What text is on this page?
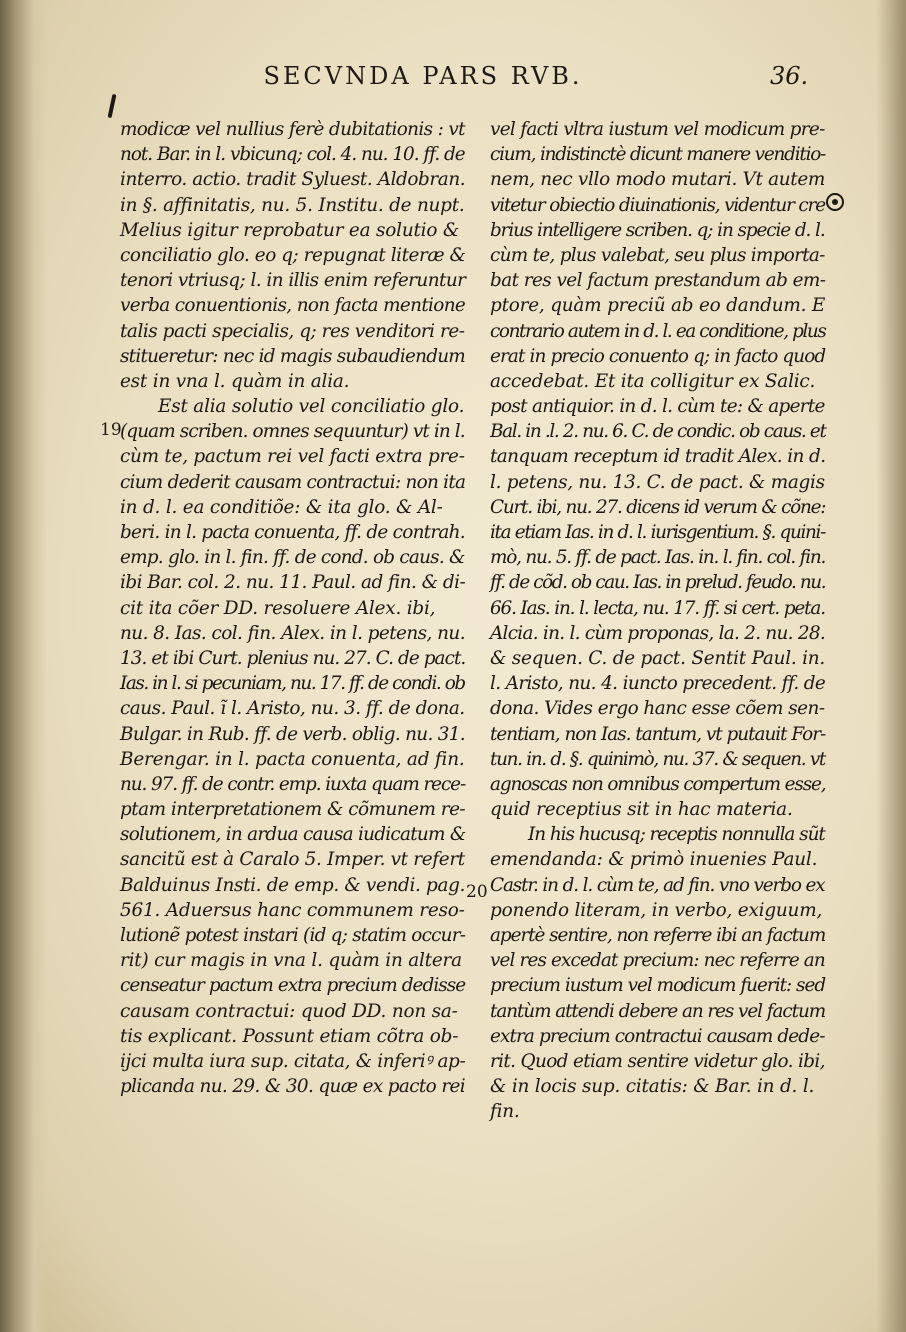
SECVNDA PARS RVB.	36.
19
20
modicæ vel nullius ferè dubitationis : vt
not. Bar. in l. vbicunq; col. 4. nu. 10. ff. de
interro. actio. tradit Syluest. Aldobran.
in §. affinitatis, nu. 5. Institu. de nupt.
Melius igitur reprobatur ea solutio &
conciliatio glo. eo q; repugnat literæ &
tenori vtriusq; l. in illis enim referuntur
verba conuentionis, non facta mentione
talis pacti specialis, q; res venditori re-
stitueretur: nec id magis subaudiendum
est in vna l. quàm in alia.
Est alia solutio vel conciliatio glo.
(quam scriben. omnes sequuntur) vt in l.
cùm te, pactum rei vel facti extra pre-
cium dederit causam contractui: non ita
in d. l. ea conditiõe: & ita glo. & Al-
beri. in l. pacta conuenta, ff. de contrah.
emp. glo. in l. fin. ff. de cond. ob caus. &
ibi Bar. col. 2. nu. 11. Paul. ad fin. & di-
cit ita cõer DD. resoluere Alex. ibi,
nu. 8. Ias. col. fin. Alex. in l. petens, nu.
13. et ibi Curt. plenius nu. 27. C. de pact.
Ias. in l. si pecuniam, nu. 17. ff. de condi. ob
caus. Paul. ĩ l. Aristo, nu. 3. ff. de dona.
Bulgar. in Rub. ff. de verb. oblig. nu. 31.
Berengar. in l. pacta conuenta, ad fin.
nu. 97. ff. de contr. emp. iuxta quam rece-
ptam interpretationem & cõmunem re-
solutionem, in ardua causa iudicatum &
sancitũ est à Caralo 5. Imper. vt refert
Balduinus Insti. de emp. & vendi. pag.
561. Aduersus hanc communem reso-
lutionẽ potest instari (id q; statim occur-
rit) cur magis in vna l. quàm in altera
censeatur pactum extra precium dedisse
causam contractui: quod DD. non sa-
tis explicant. Possunt etiam cõtra ob-
ijci multa iura sup. citata, & inferiꝰ ap-
plicanda nu. 29. & 30. quæ ex pacto rei
vel facti vltra iustum vel modicum pre-
cium, indistinctè dicunt manere venditio-
nem, nec vllo modo mutari. Vt autem
vitetur obiectio diuinationis, videntur cre
brius intelligere scriben. q; in specie d. l.
cùm te, plus valebat, seu plus importa-
bat res vel factum prestandum ab em-
ptore, quàm preciũ ab eo dandum. E
contrario autem in d. l. ea conditione, plus
erat in precio conuento q; in facto quod
accedebat. Et ita colligitur ex Salic.
post antiquior. in d. l. cùm te: & aperte
Bal. in .l. 2. nu. 6. C. de condic. ob caus. et
tanquam receptum id tradit Alex. in d.
l. petens, nu. 13. C. de pact. & magis
Curt. ibi, nu. 27. dicens id verum & cõne:
ita etiam Ias. in d. l. iurisgentium. §. quini-
mò, nu. 5. ff. de pact. Ias. in. l. fin. col. fin.
ff. de cõd. ob cau. Ias. in prelud. feudo. nu.
66. Ias. in. l. lecta, nu. 17. ff. si cert. peta.
Alcia. in. l. cùm proponas, la. 2. nu. 28.
& sequen. C. de pact. Sentit Paul. in.
l. Aristo, nu. 4. iuncto precedent. ff. de
dona. Vides ergo hanc esse cõem sen-
tentiam, non Ias. tantum, vt putauit For-
tun. in. d. §. quinimò, nu. 37. & sequen. vt
agnoscas non omnibus compertum esse,
quid receptius sit in hac materia.
In his hucusq; receptis nonnulla sũt
emendanda: & primò inuenies Paul.
Castr. in d. l. cùm te, ad fin. vno verbo ex
ponendo literam, in verbo, exiguum,
apertè sentire, non referre ibi an factum
vel res excedat precium: nec referre an
precium iustum vel modicum fuerit: sed
tantùm attendi debere an res vel factum
extra precium contractui causam dede-
rit. Quod etiam sentire videtur glo. ibi,
& in locis sup. citatis: & Bar. in d. l.
fin.
